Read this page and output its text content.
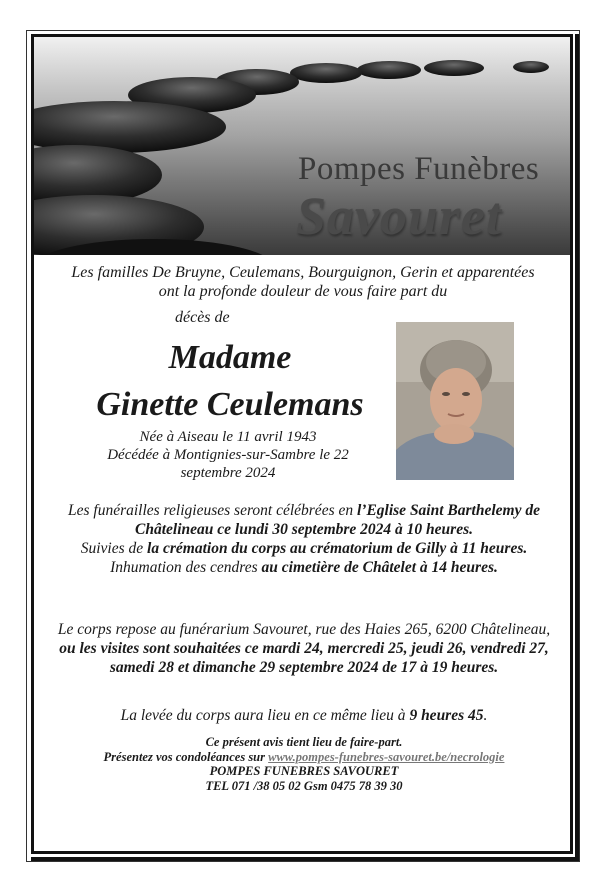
Pompes Funèbres
Savouret
Les familles De Bruyne, Ceulemans, Bourguignon, Gerin et apparentées ont la profonde douleur de vous faire part du
décès de
Madame
Ginette Ceulemans
Née à Aiseau le 11 avril 1943
Décédée à Montignies-sur-Sambre le 22 septembre 2024
Les funérailles religieuses seront célébrées en l’Eglise Saint Barthelemy de Châtelineau ce lundi 30 septembre 2024 à 10 heures.
Suivies de la crémation du corps au crématorium de Gilly à 11 heures.
Inhumation des cendres au cimetière de Châtelet à 14 heures.
Le corps repose au funérarium Savouret, rue des Haies 265, 6200 Châtelineau, ou les visites sont souhaitées ce mardi 24, mercredi 25, jeudi 26, vendredi 27, samedi 28 et dimanche 29 septembre 2024 de 17 à 19 heures.
La levée du corps aura lieu en ce même lieu à 9 heures 45.
Ce présent avis tient lieu de faire-part.
Présentez vos condoléances sur www.pompes-funebres-savouret.be/necrologie
POMPES FUNEBRES SAVOURET
TEL 071 /38 05 02 Gsm 0475 78 39 30
